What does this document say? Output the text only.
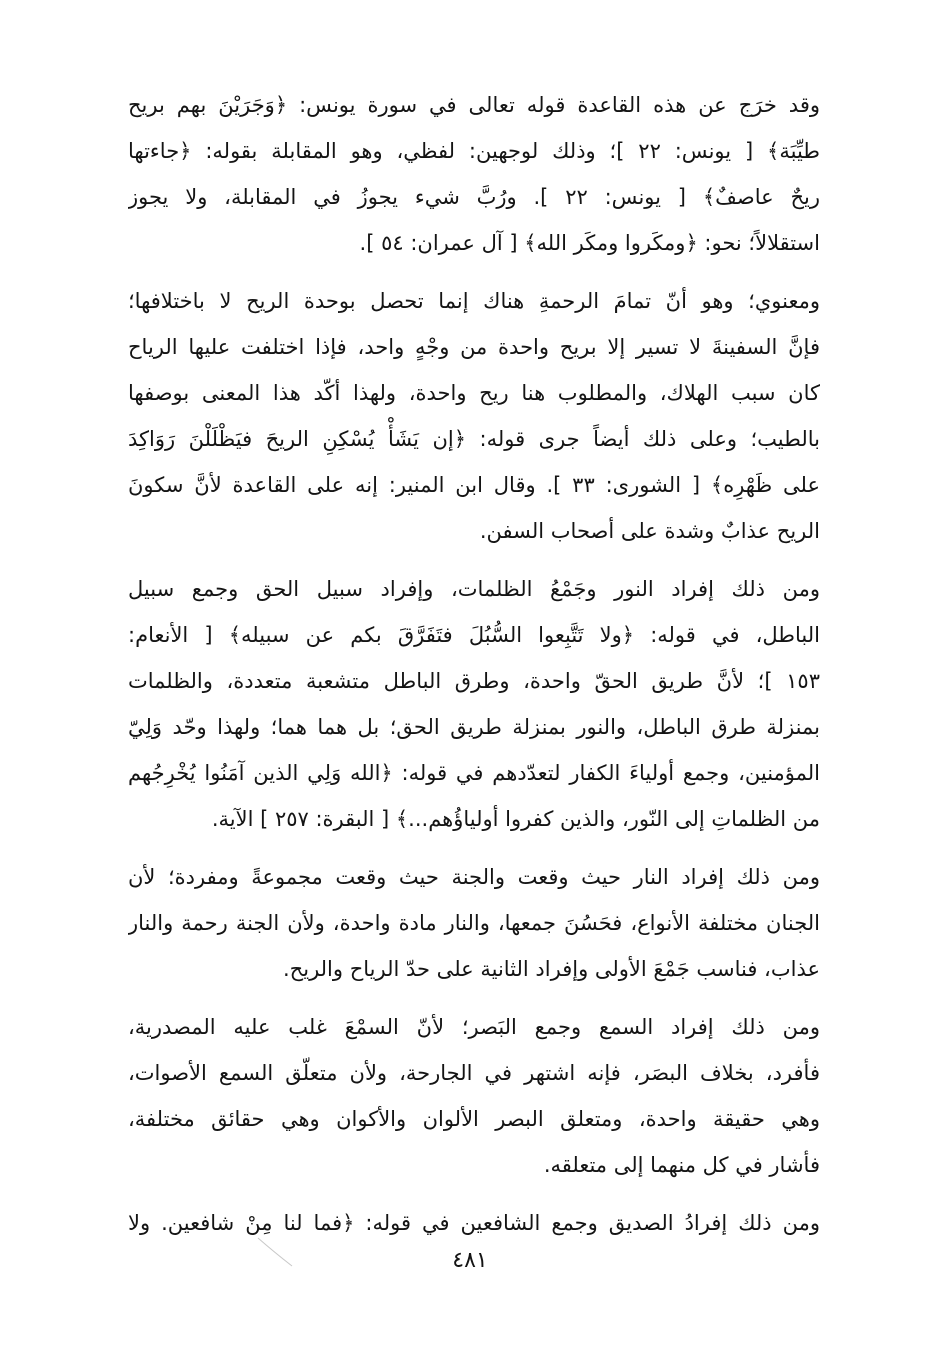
وقد خرَج عن هذه القاعدة قوله تعالى في سورة يونس: ﴿وَجَرَيْنَ بهم بريح
طيِّبَة﴾ [ يونس: ٢٢ ]؛ وذلك لوجهين: لفظي، وهو المقابلة بقوله: ﴿جاءتها
ريحٌ عاصفٌ﴾ [ يونس: ٢٢ ]. ورُبَّ شيء يجوزُ في المقابلة، ولا يجوز
استقلالاً؛ نحو: ﴿ومكَروا ومكَر الله﴾ [ آل عمران: ٥٤ ].

ومعنوي؛ وهو أنّ تمامَ الرحمةِ هناك إنما تحصل بوحدة الريح لا باختلافها؛
فإنَّ السفينةَ لا تسير إلا بريح واحدة من وجْهٍ واحد، فإذا اختلفت عليها الرياح
كان سبب الهلاك، والمطلوب هنا ريح واحدة، ولهذا أكّد هذا المعنى بوصفها
بالطيب؛ وعلى ذلك أيضاً جرى قوله: ﴿إن يَشَأْ يُسْكِنِ الريحَ فيَظْلَلْنَ رَوَاكِدَ
على ظَهْرِه﴾ [ الشورى: ٣٣ ]. وقال ابن المنير: إنه على القاعدة لأنَّ سكونَ
الريح عذابٌ وشدة على أصحاب السفن.

ومن ذلك إفراد النور وجَمْعُ الظلمات، وإفراد سبيل الحق وجمع سبيل
الباطل، في قوله: ﴿ولا تَتَّبِعوا السُّبُلَ فتَفَرَّقَ بكم عن سبيله﴾ [ الأنعام:
١٥٣ ]؛ لأنَّ طريق الحقّ واحدة، وطرق الباطل متشعبة متعددة، والظلمات
بمنزلة طرق الباطل، والنور بمنزلة طريق الحق؛ بل هما هما؛ ولهذا وحّد وَلِيّ
المؤمنين، وجمع أولياءَ الكفار لتعدّدهم في قوله: ﴿الله وَلِي الذين آمَنُوا يُخْرِجُهم
من الظلماتِ إلى النّور، والذين كفروا أولياؤُهم...﴾ [ البقرة: ٢٥٧ ] الآية.

ومن ذلك إفراد النار حيث وقعت والجنة حيث وقعت مجموعةً ومفردة؛ لأن
الجنان مختلفة الأنواع، فحَسُنَ جمعها، والنار مادة واحدة، ولأن الجنة رحمة والنار
عذاب، فناسب جَمْعَ الأولى وإفراد الثانية على حدّ الرياح والريح.

ومن ذلك إفراد السمع وجمع البَصر؛ لأنّ السمْعَ غلب عليه المصدرية،
فأفرد، بخلاف البصَر، فإنه اشتهر في الجارحة، ولأن متعلّق السمع الأصوات،
وهي حقيقة واحدة، ومتعلق البصر الألوان والأكوان وهي حقائق مختلفة،
فأشار في كل منهما إلى متعلقه.

ومن ذلك إفرادُ الصديق وجمع الشافعين في قوله: ﴿فما لنا مِنْ شافعين. ولا

٤٨١
